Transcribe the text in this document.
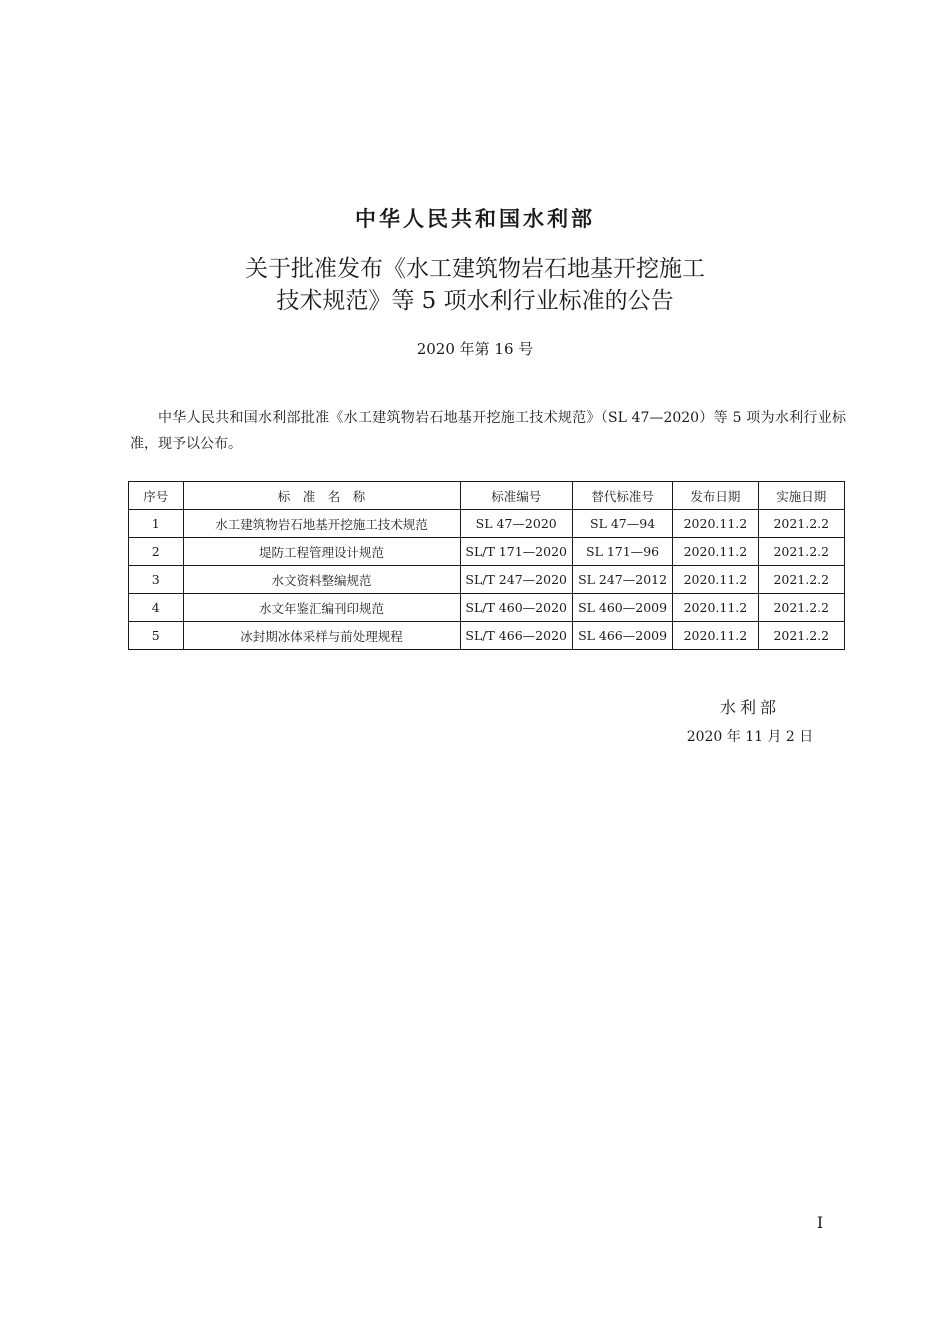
中华人民共和国水利部
关于批准发布《水工建筑物岩石地基开挖施工
技术规范》等 5 项水利行业标准的公告
2020 年第 16 号
中华人民共和国水利部批准《水工建筑物岩石地基开挖施工技术规范》（SL 47—2020）等 5 项为水利行业标准，现予以公布。
序号	标　准　名　称	标准编号	替代标准号	发布日期	实施日期
1	水工建筑物岩石地基开挖施工技术规范	SL 47—2020	SL 47—94	2020.11.2	2021.2.2
2	堤防工程管理设计规范	SL/T 171—2020	SL 171—96	2020.11.2	2021.2.2
3	水文资料整编规范	SL/T 247—2020	SL 247—2012	2020.11.2	2021.2.2
4	水文年鉴汇编刊印规范	SL/T 460—2020	SL 460—2009	2020.11.2	2021.2.2
5	冰封期冰体采样与前处理规程	SL/T 466—2020	SL 466—2009	2020.11.2	2021.2.2
水利部
2020 年 11 月 2 日
I
